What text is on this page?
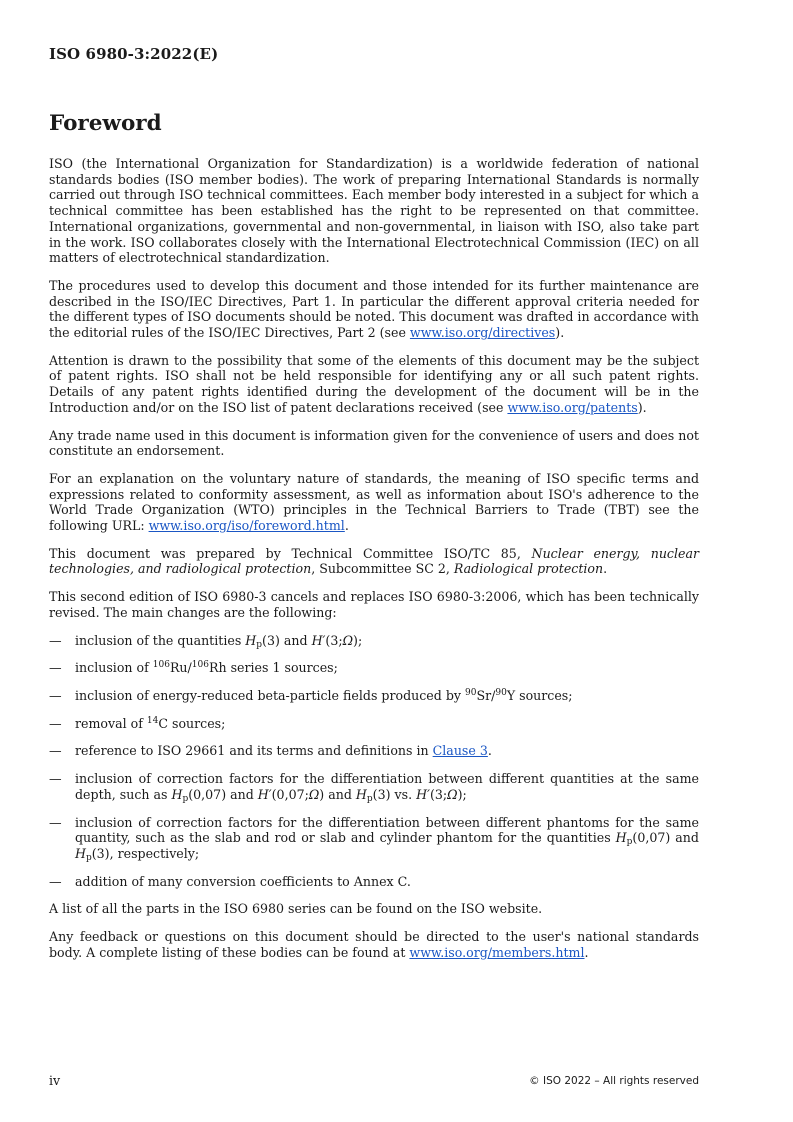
ISO 6980-3:2022(E)
Foreword

ISO (the International Organization for Standardization) is a worldwide federation of national standards bodies (ISO member bodies). The work of preparing International Standards is normally carried out through ISO technical committees. Each member body interested in a subject for which a technical committee has been established has the right to be represented on that committee. International organizations, governmental and non-governmental, in liaison with ISO, also take part in the work. ISO collaborates closely with the International Electrotechnical Commission (IEC) on all matters of electrotechnical standardization.

The procedures used to develop this document and those intended for its further maintenance are described in the ISO/IEC Directives, Part 1. In particular the different approval criteria needed for the different types of ISO documents should be noted. This document was drafted in accordance with the editorial rules of the ISO/IEC Directives, Part 2 (see www.iso.org/directives).

Attention is drawn to the possibility that some of the elements of this document may be the subject of patent rights. ISO shall not be held responsible for identifying any or all such patent rights. Details of any patent rights identified during the development of the document will be in the Introduction and/or on the ISO list of patent declarations received (see www.iso.org/patents).

Any trade name used in this document is information given for the convenience of users and does not constitute an endorsement.

For an explanation on the voluntary nature of standards, the meaning of ISO specific terms and expressions related to conformity assessment, as well as information about ISO's adherence to the World Trade Organization (WTO) principles in the Technical Barriers to Trade (TBT) see the following URL: www.iso.org/iso/foreword.html.

This document was prepared by Technical Committee ISO/TC 85, Nuclear energy, nuclear technologies, and radiological protection, Subcommittee SC 2, Radiological protection.

This second edition of ISO 6980-3 cancels and replaces ISO 6980-3:2006, which has been technically revised. The main changes are the following:

— inclusion of the quantities $H_p(3)$ and H′(3;Ω);
— inclusion of $^{106}$Ru/$^{106}$Rh series 1 sources;
— inclusion of energy-reduced beta-particle fields produced by $^{90}$Sr/$^{90}$Y sources;
— removal of $^{14}$C sources;
— reference to ISO 29661 and its terms and definitions in Clause 3.
— inclusion of correction factors for the differentiation between different quantities at the same depth, such as $H_p(0,07)$ and H′(0,07;Ω) and $H_p(3)$ vs. H′(3;Ω);
— inclusion of correction factors for the differentiation between different phantoms for the same quantity, such as the slab and rod or slab and cylinder phantom for the quantities $H_p(0,07)$ and $H_p(3)$, respectively;
— addition of many conversion coefficients to Annex C.

A list of all the parts in the ISO 6980 series can be found on the ISO website.

Any feedback or questions on this document should be directed to the user's national standards body. A complete listing of these bodies can be found at www.iso.org/members.html.

iv	© ISO 2022 – All rights reserved
